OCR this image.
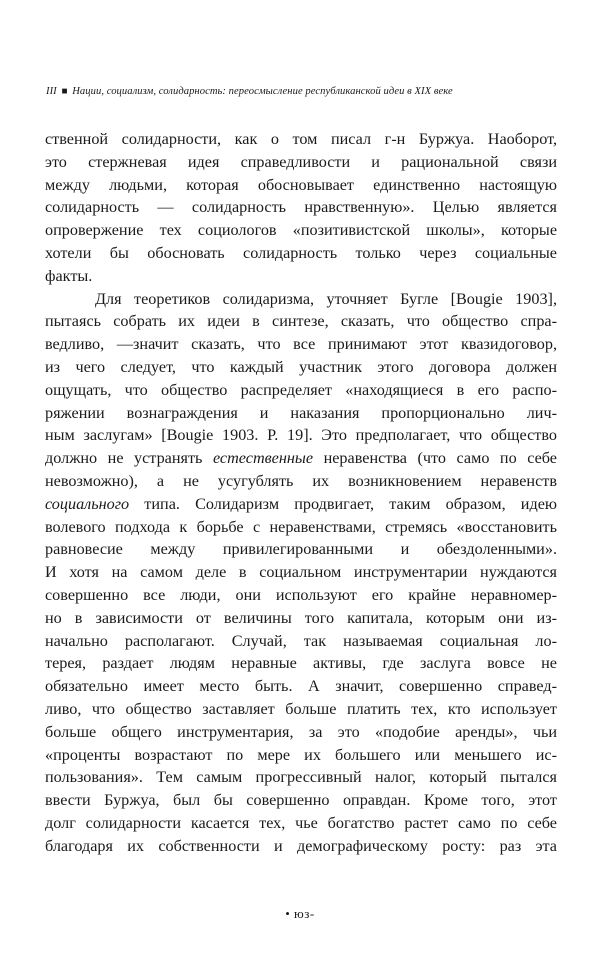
III ■ Нации, социализм, солидарность: переосмысление республиканской идеи в XIX веке
ственной солидарности, как о том писал г-н Буржуа. Наоборот,
это стержневая идея справедливости и рациональной связи
между людьми, которая обосновывает единственно настоящую
солидарность — солидарность нравственную». Целью является
опровержение тех социологов «позитивистской школы», которые
хотели бы обосновать солидарность только через социальные
факты.
Для теоретиков солидаризма, уточняет Бугле [Bougie 1903],
пытаясь собрать их идеи в синтезе, сказать, что общество спра-
ведливо, —значит сказать, что все принимают этот квазидоговор,
из чего следует, что каждый участник этого договора должен
ощущать, что общество распределяет «находящиеся в его распо-
ряжении вознаграждения и наказания пропорционально лич-
ным заслугам» [Bougie 1903. P. 19]. Это предполагает, что общество
должно не устранять естественные неравенства (что само по себе
невозможно), а не усугублять их возникновением неравенств
социального типа. Солидаризм продвигает, таким образом, идею
волевого подхода к борьбе с неравенствами, стремясь «восстановить
равновесие между привилегированными и обездоленными».
И хотя на самом деле в социальном инструментарии нуждаются
совершенно все люди, они используют его крайне неравномер-
но в зависимости от величины того капитала, которым они из-
начально располагают. Случай, так называемая социальная ло-
терея, раздает людям неравные активы, где заслуга вовсе не
обязательно имеет место быть. А значит, совершенно справед-
ливо, что общество заставляет больше платить тех, кто использует
больше общего инструментария, за это «подобие аренды», чьи
«проценты возрастают по мере их большего или меньшего ис-
пользования». Тем самым прогрессивный налог, который пытался
ввести Буржуа, был бы совершенно оправдан. Кроме того, этот
долг солидарности касается тех, чье богатство растет само по себе
благодаря их собственности и демографическому росту: раз эта
• юз-
